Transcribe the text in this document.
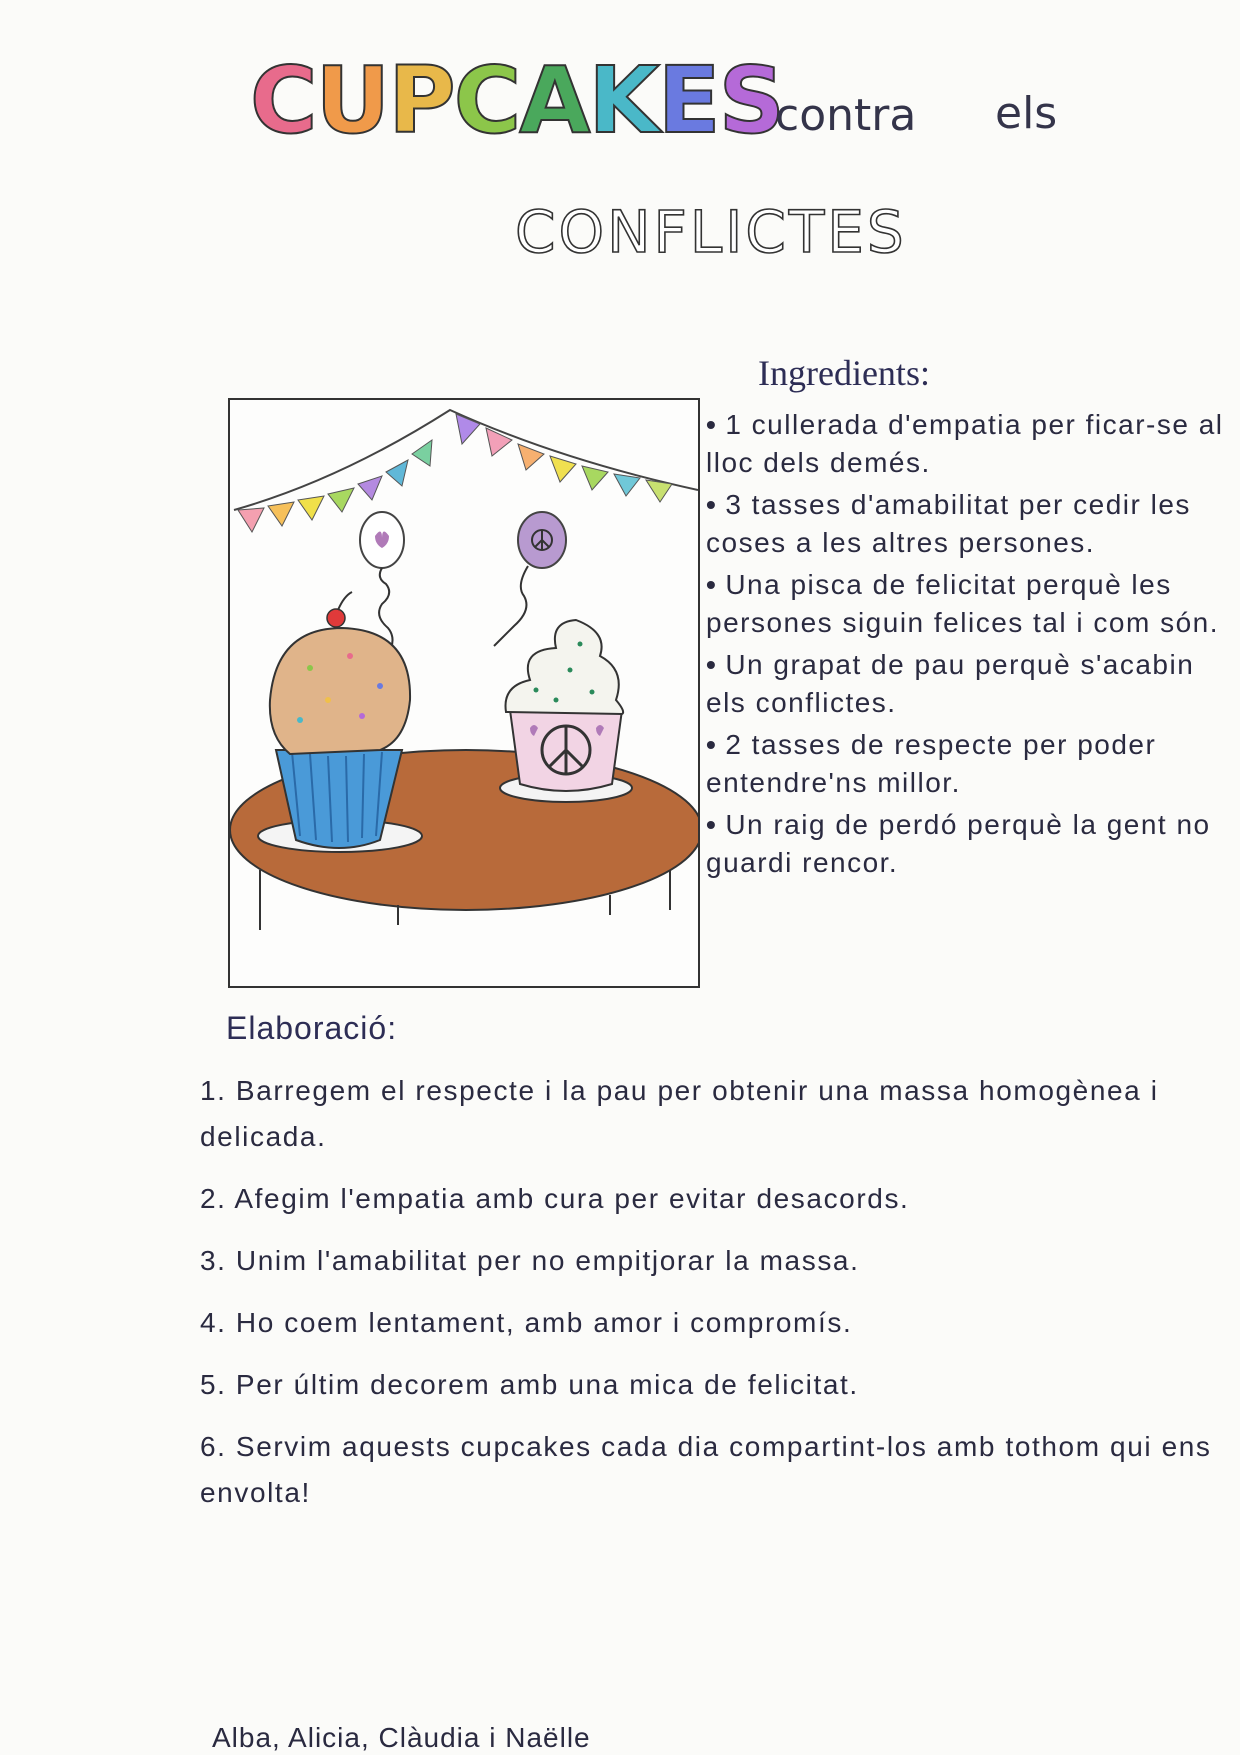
CUPCAKES
contra els
CONFLICTES
Ingredients:
• 1 cullerada d'empatia per ficar-se al lloc dels demés.
• 3 tasses d'amabilitat per cedir les coses a les altres persones.
• Una pisca de felicitat perquè les persones siguin felices tal i com són.
• Un grapat de pau perquè s'acabin els conflictes.
• 2 tasses de respecte per poder entendre'ns millor.
• Un raig de perdó perquè la gent no guardi rencor.
Elaboració:
1. Barregem el respecte i la pau per obtenir una massa homogènea i delicada.
2. Afegim l'empatia amb cura per evitar desacords.
3. Unim l'amabilitat per no empitjorar la massa.
4. Ho coem lentament, amb amor i compromís.
5. Per últim decorem amb una mica de felicitat.
6. Servim aquests cupcakes cada dia compartint-los amb tothom qui ens envolta!
Alba, Alicia, Clàudia i Naëlle
